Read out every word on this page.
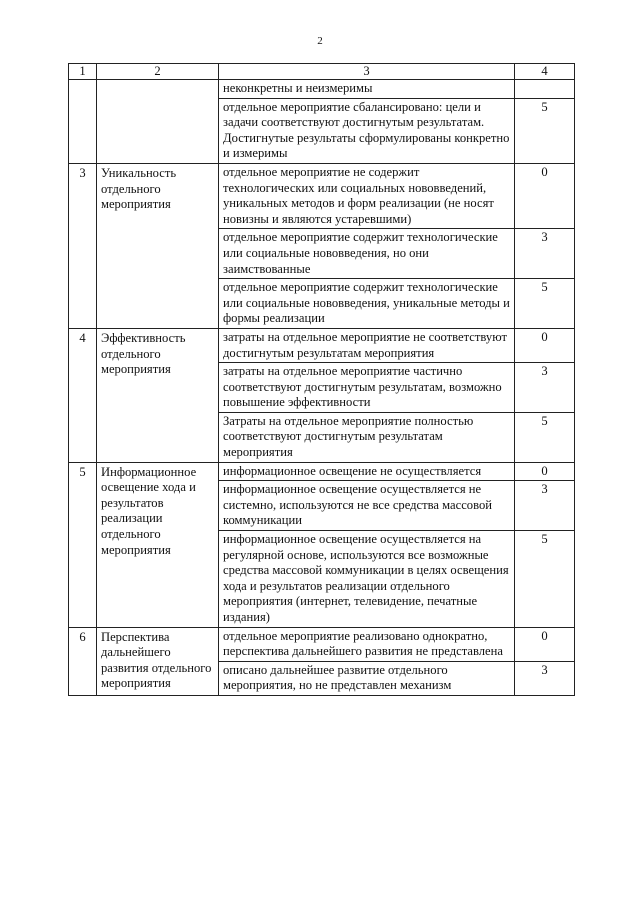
2
1	2	3	4
		неконкретны и неизмеримы	
		отдельное мероприятие сбалансировано: цели и задачи соответствуют достигнутым результатам. Достигнутые результаты сформулированы конкретно и измеримы	5
3	Уникальность отдельного мероприятия	отдельное мероприятие не содержит технологических или социальных нововведений, уникальных методов и форм реализации (не носят новизны и являются устаревшими)	0
		отдельное мероприятие содержит технологические или социальные нововведения, но они заимствованные	3
		отдельное мероприятие содержит технологические или социальные нововведения, уникальные методы и формы реализации	5
4	Эффективность отдельного мероприятия	затраты на отдельное мероприятие не соответствуют достигнутым результатам мероприятия	0
		затраты на отдельное мероприятие частично соответствуют достигнутым результатам, возможно повышение эффективности	3
		Затраты на отдельное мероприятие полностью соответствуют достигнутым результатам мероприятия	5
5	Информационное освещение хода и результатов реализации отдельного мероприятия	информационное освещение не осуществляется	0
		информационное освещение осуществляется не системно, используются не все средства массовой коммуникации	3
		информационное освещение осуществляется на регулярной основе, используются все возможные средства массовой коммуникации в целях освещения хода и результатов реализации отдельного мероприятия (интернет, телевидение, печатные издания)	5
6	Перспектива дальнейшего развития отдельного мероприятия	отдельное мероприятие реализовано однократно, перспектива дальнейшего развития не представлена	0
		описано дальнейшее развитие отдельного мероприятия, но не представлен механизм	3
